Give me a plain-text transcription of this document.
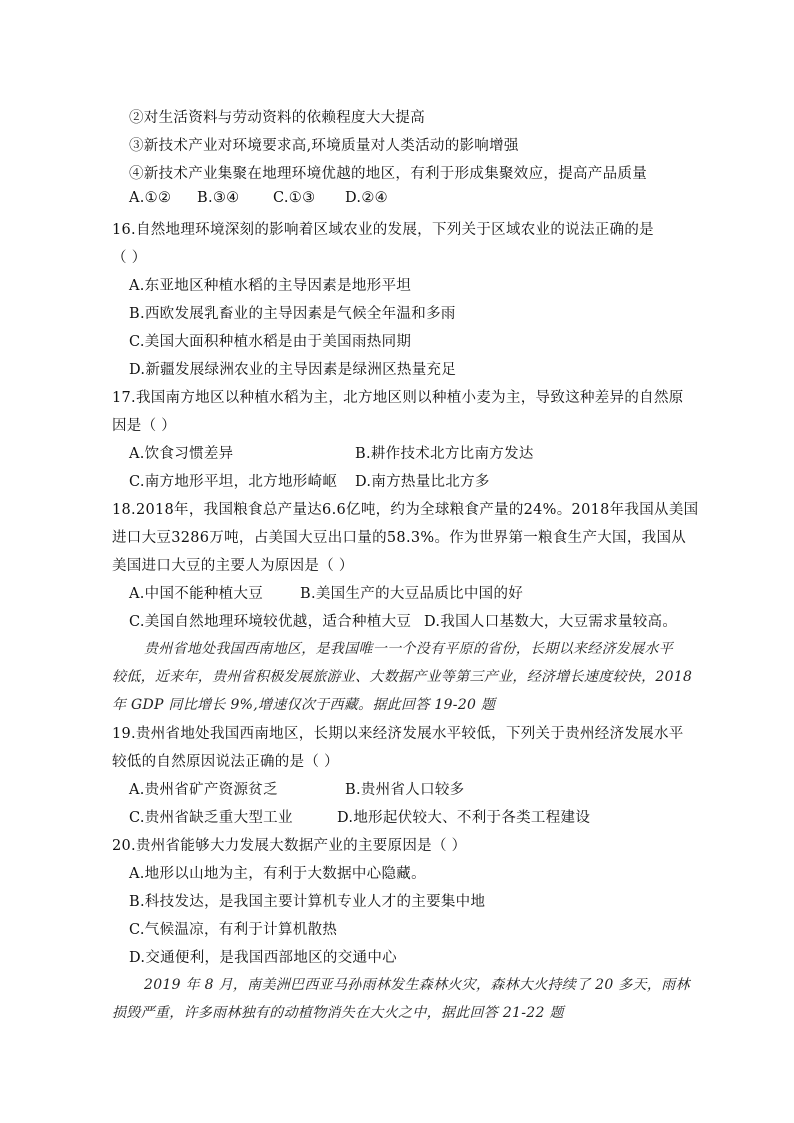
②对生活资料与劳动资料的依赖程度大大提高
③新技术产业对环境要求高,环境质量对人类活动的影响增强
④新技术产业集聚在地理环境优越的地区，有利于形成集聚效应，提高产品质量
A.①② B.③④ C.①③ D.②④
16.自然地理环境深刻的影响着区域农业的发展，下列关于区域农业的说法正确的是
（ ）
A.东亚地区种植水稻的主导因素是地形平坦
B.西欧发展乳畜业的主导因素是气候全年温和多雨
C.美国大面积种植水稻是由于美国雨热同期
D.新疆发展绿洲农业的主导因素是绿洲区热量充足
17.我国南方地区以种植水稻为主，北方地区则以种植小麦为主，导致这种差异的自然原
因是（ ）
A.饮食习惯差异	B.耕作技术北方比南方发达
C.南方地形平坦，北方地形崎岖 D.南方热量比北方多
18.2018年，我国粮食总产量达6.6亿吨，约为全球粮食产量的24%。2018年我国从美国
进口大豆3286万吨，占美国大豆出口量的58.3%。作为世界第一粮食生产大国，我国从
美国进口大豆的主要人为原因是（ ）
A.中国不能种植大豆	B.美国生产的大豆品质比中国的好
C.美国自然地理环境较优越，适合种植大豆 D.我国人口基数大，大豆需求量较高。
贵州省地处我国西南地区，是我国唯一一个没有平原的省份，长期以来经济发展水平
较低，近来年，贵州省积极发展旅游业、大数据产业等第三产业，经济增长速度较快，2018
年 GDP 同比增长 9%,增速仅次于西藏。据此回答 19-20 题
19.贵州省地处我国西南地区，长期以来经济发展水平较低，下列关于贵州经济发展水平
较低的自然原因说法正确的是（ ）
A.贵州省矿产资源贫乏	B.贵州省人口较多
C.贵州省缺乏重大型工业	D.地形起伏较大、不利于各类工程建设
20.贵州省能够大力发展大数据产业的主要原因是（ ）
A.地形以山地为主，有利于大数据中心隐藏。
B.科技发达，是我国主要计算机专业人才的主要集中地
C.气候温凉，有利于计算机散热
D.交通便利，是我国西部地区的交通中心
2019 年 8 月，南美洲巴西亚马孙雨林发生森林火灾，森林大火持续了 20 多天，雨林
损毁严重，许多雨林独有的动植物消失在大火之中，据此回答 21-22 题
